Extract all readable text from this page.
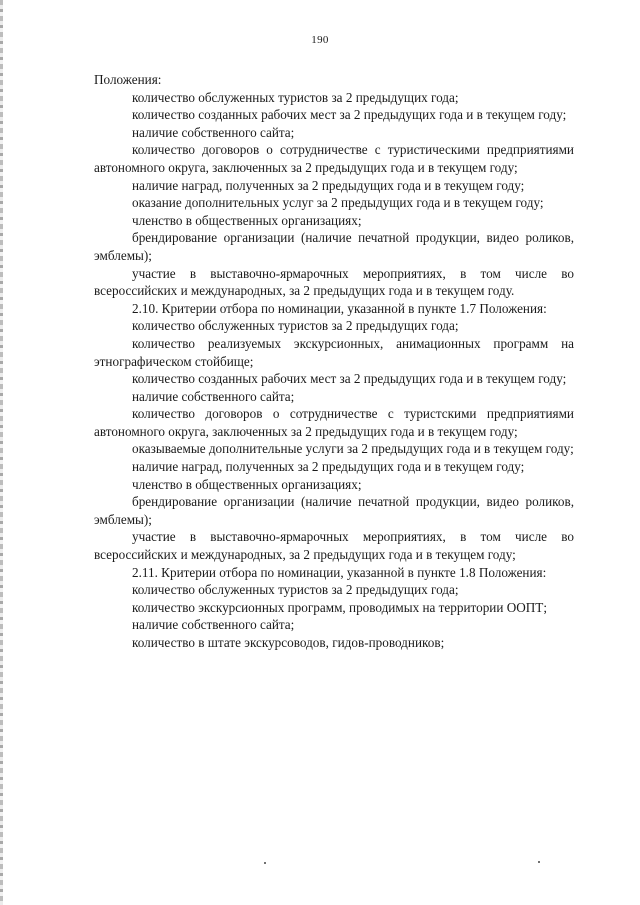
190

Положения:

количество обслуженных туристов за 2 предыдущих года;

количество созданных рабочих мест за 2 предыдущих года и в текущем году;

наличие собственного сайта;

количество договоров о сотрудничестве с туристическими предприятиями автономного округа, заключенных за 2 предыдущих года и в текущем году;

наличие наград, полученных за 2 предыдущих года и в текущем году;

оказание дополнительных услуг за 2 предыдущих года и в текущем году;

членство в общественных организациях;

брендирование организации (наличие печатной продукции, видео роликов, эмблемы);

участие в выставочно-ярмарочных мероприятиях, в том числе во всероссийских и международных, за 2 предыдущих года и в текущем году.

2.10. Критерии отбора по номинации, указанной в пункте 1.7 Положения:

количество обслуженных туристов за 2 предыдущих года;

количество реализуемых экскурсионных, анимационных программ на этнографическом стойбище;

количество созданных рабочих мест за 2 предыдущих года и в текущем году;

наличие собственного сайта;

количество договоров о сотрудничестве с туристскими предприятиями автономного округа, заключенных за 2 предыдущих года и в текущем году;

оказываемые дополнительные услуги за 2 предыдущих года и в текущем году;

наличие наград, полученных за 2 предыдущих года и в текущем году;

членство в общественных организациях;

брендирование организации (наличие печатной продукции, видео роликов, эмблемы);

участие в выставочно-ярмарочных мероприятиях, в том числе во всероссийских и международных, за 2 предыдущих года и в текущем году;

2.11. Критерии отбора по номинации, указанной в пункте 1.8 Положения:

количество обслуженных туристов за 2 предыдущих года;

количество экскурсионных программ, проводимых на территории ООПТ;

наличие собственного сайта;

количество в штате экскурсоводов, гидов-проводников;
